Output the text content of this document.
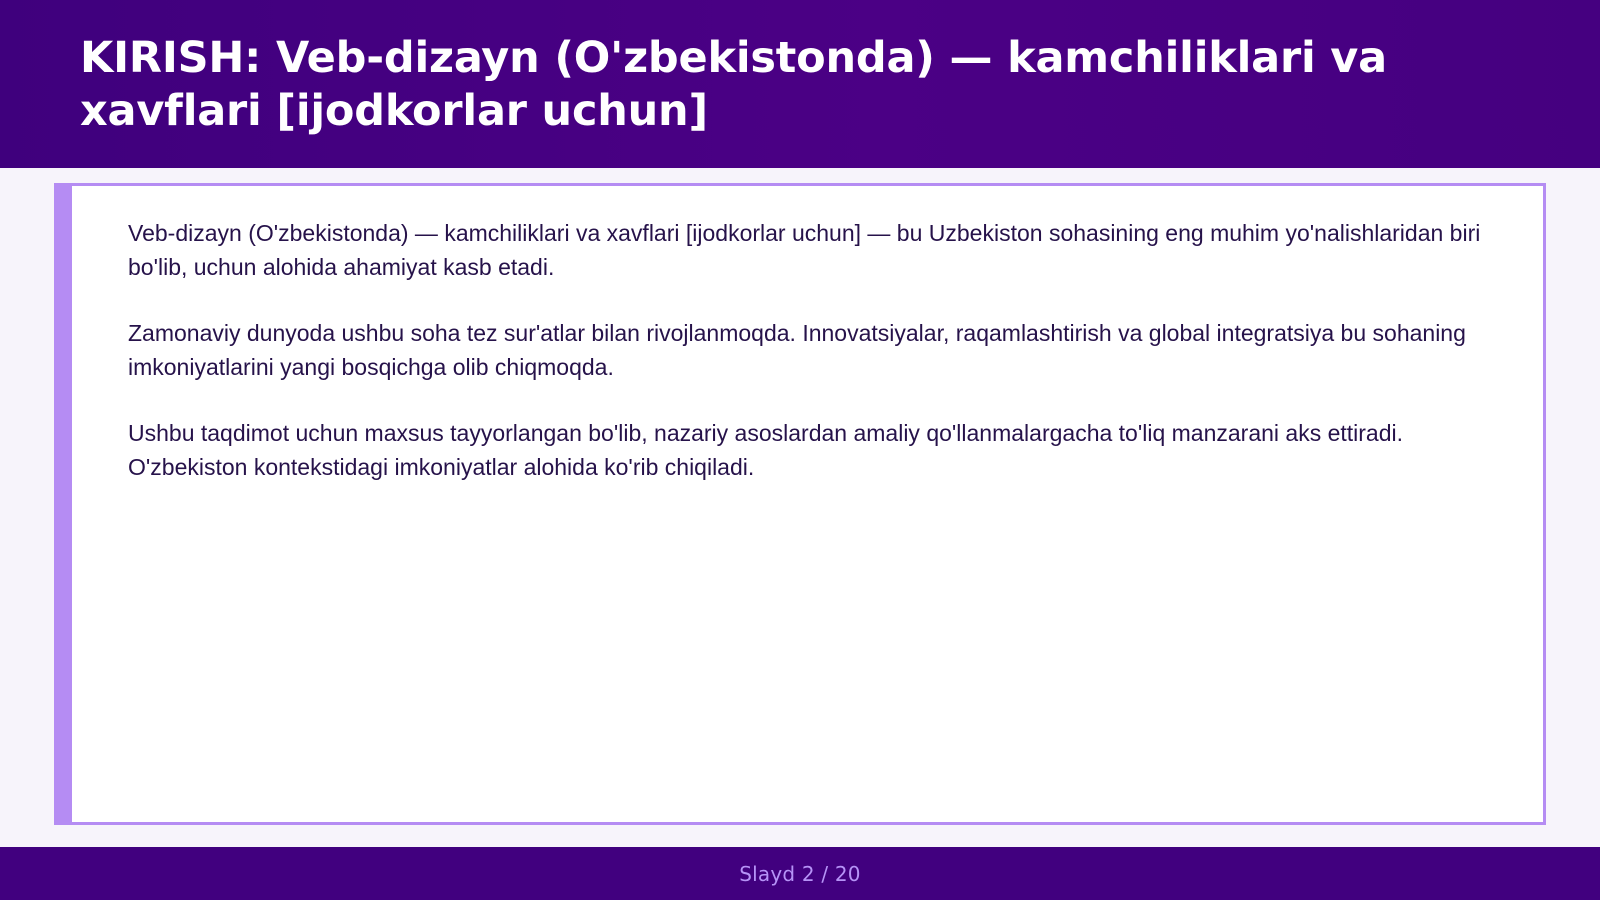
KIRISH: Veb-dizayn (O'zbekistonda) — kamchiliklari va xavflari [ijodkorlar uchun]

Veb-dizayn (O'zbekistonda) — kamchiliklari va xavflari [ijodkorlar uchun] — bu Uzbekiston sohasining eng muhim yo'nalishlaridan biri bo'lib, uchun alohida ahamiyat kasb etadi.

Zamonaviy dunyoda ushbu soha tez sur'atlar bilan rivojlanmoqda. Innovatsiyalar, raqamlashtirish va global integratsiya bu sohaning imkoniyatlarini yangi bosqichga olib chiqmoqda.

Ushbu taqdimot uchun maxsus tayyorlangan bo'lib, nazariy asoslardan amaliy qo'llanmalargacha to'liq manzarani aks ettiradi. O'zbekiston kontekstidagi imkoniyatlar alohida ko'rib chiqiladi.

Slayd 2 / 20
